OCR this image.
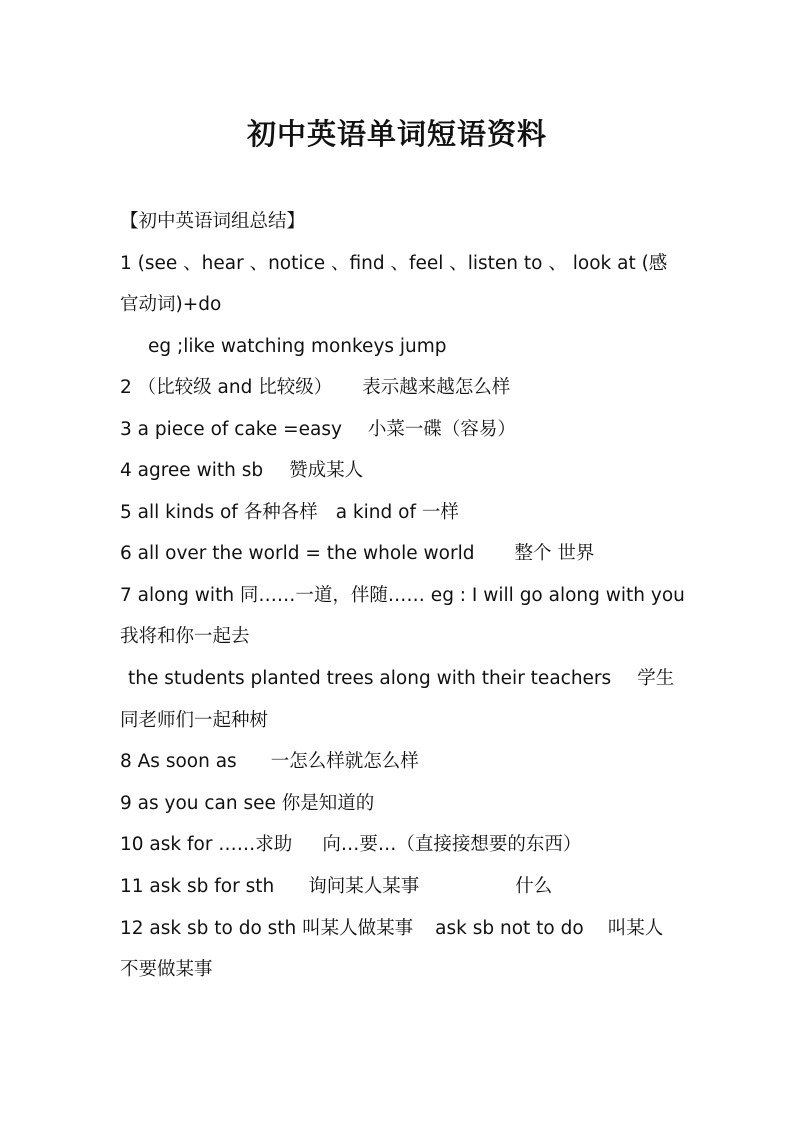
初中英语单词短语资料
【初中英语词组总结】
1 (see 、hear 、notice 、find 、feel 、listen to 、 look at (感
官动词)+do
eg ;like watching monkeys jump
2 （比较级 and 比较级） 表示越来越怎么样
3 a piece of cake =easy 小菜一碟（容易）
4 agree with sb 赞成某人
5 all kinds of 各种各样 a kind of 一样
6 all over the world = the whole world 整个 世界
7 along with 同……一道，伴随…… eg : I will go along with you
我将和你一起去
the students planted trees along with their teachers 学生
同老师们一起种树
8 As soon as 一怎么样就怎么样
9 as you can see 你是知道的
10 ask for ……求助 向…要…（直接接想要的东西）
11 ask sb for sth 询问某人某事	什么
12 ask sb to do sth 叫某人做某事 ask sb not to do 叫某人
不要做某事
